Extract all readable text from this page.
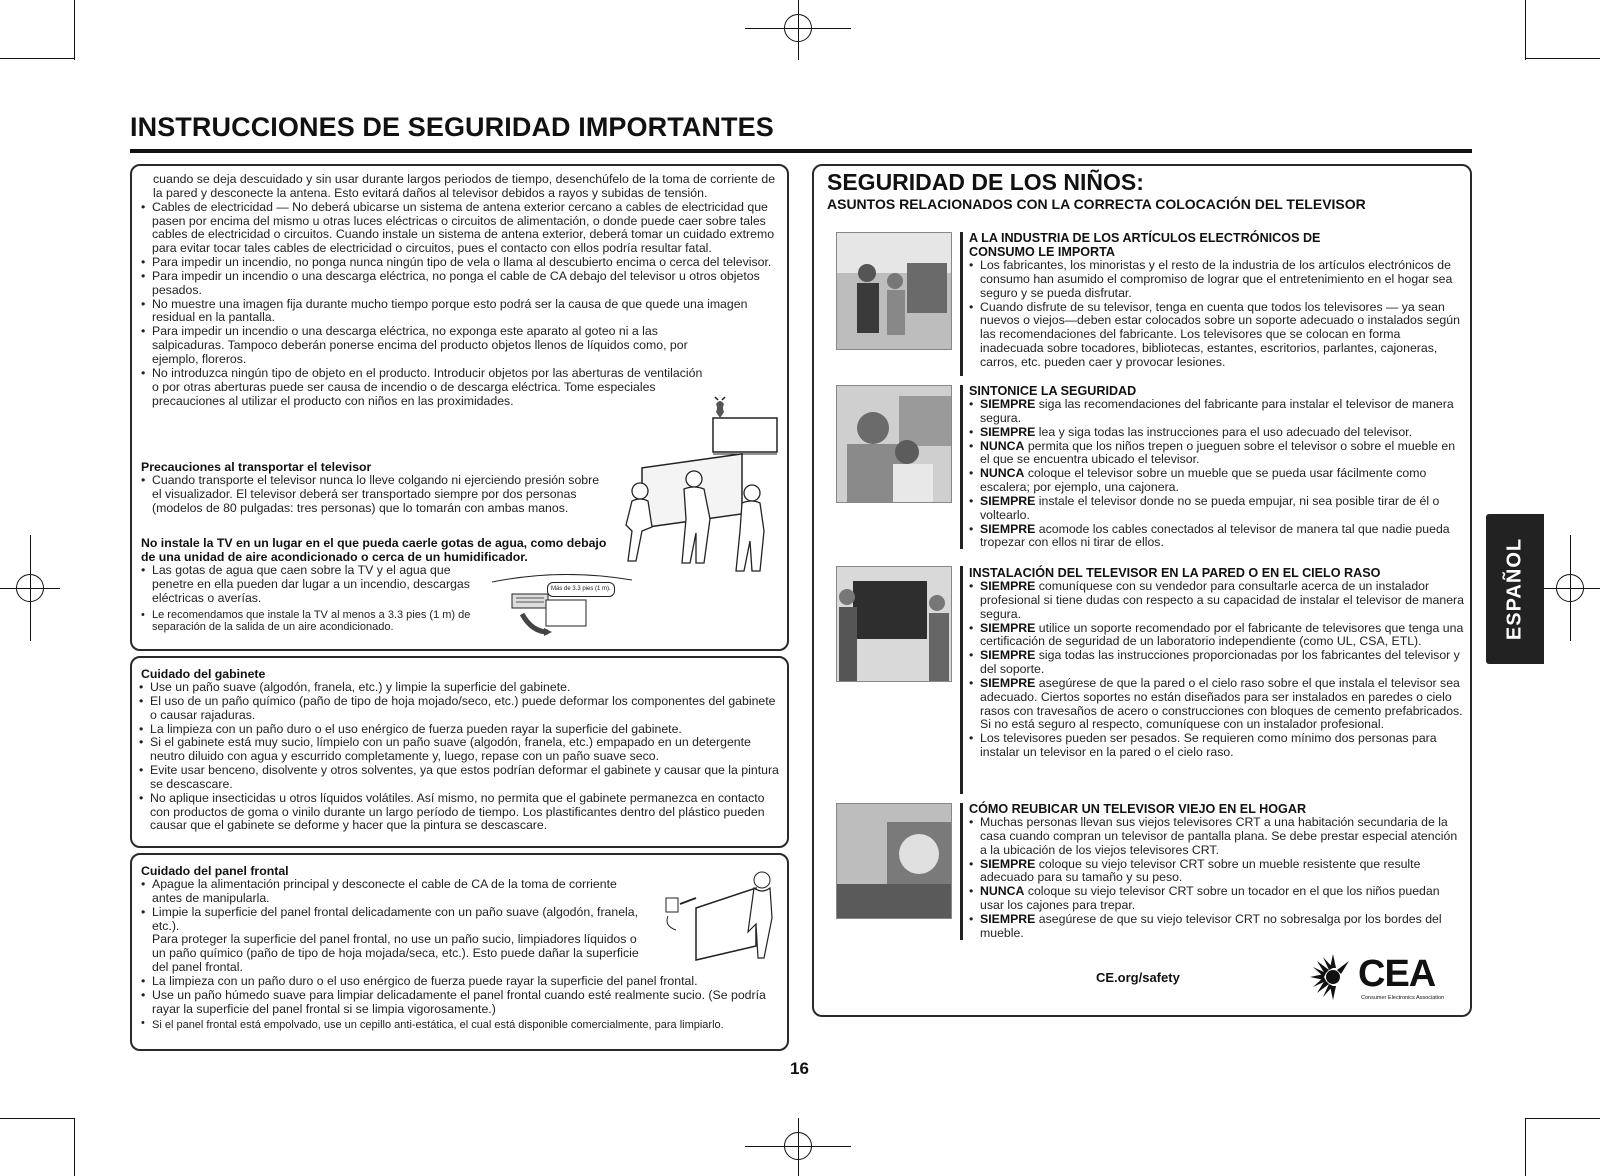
INSTRUCCIONES DE SEGURIDAD IMPORTANTES
cuando se deja descuidado y sin usar durante largos periodos de tiempo, desenchúfelo de la toma de corriente de la pared y desconecte la antena. Esto evitará daños al televisor debidos a rayos y subidas de tensión.
• Cables de electricidad — No deberá ubicarse un sistema de antena exterior cercano a cables de electricidad que pasen por encima del mismo u otras luces eléctricas o circuitos de alimentación, o donde puede caer sobre tales cables de electricidad o circuitos. Cuando instale un sistema de antena exterior, deberá tomar un cuidado extremo para evitar tocar tales cables de electricidad o circuitos, pues el contacto con ellos podría resultar fatal.
• Para impedir un incendio, no ponga nunca ningún tipo de vela o llama al descubierto encima o cerca del televisor.
• Para impedir un incendio o una descarga eléctrica, no ponga el cable de CA debajo del televisor u otros objetos pesados.
• No muestre una imagen fija durante mucho tiempo porque esto podrá ser la causa de que quede una imagen residual en la pantalla.
• Para impedir un incendio o una descarga eléctrica, no exponga este aparato al goteo ni a las salpicaduras. Tampoco deberán ponerse encima del producto objetos llenos de líquidos como, por ejemplo, floreros.
• No introduzca ningún tipo de objeto en el producto. Introducir objetos por las aberturas de ventilación o por otras aberturas puede ser causa de incendio o de descarga eléctrica. Tome especiales precauciones al utilizar el producto con niños en las proximidades.
Precauciones al transportar el televisor
• Cuando transporte el televisor nunca lo lleve colgando ni ejerciendo presión sobre el visualizador. El televisor deberá ser transportado siempre por dos personas (modelos de 80 pulgadas: tres personas) que lo tomarán con ambas manos.
No instale la TV en un lugar en el que pueda caerle gotas de agua, como debajo de una unidad de aire acondicionado o cerca de un humidificador.
• Las gotas de agua que caen sobre la TV y el agua que penetre en ella pueden dar lugar a un incendio, descargas eléctricas o averías.
• Le recomendamos que instale la TV al menos a 3.3 pies (1 m) de separación de la salida de un aire acondicionado.
Más de 3.3 pies (1 m).
Cuidado del gabinete
• Use un paño suave (algodón, franela, etc.) y limpie la superficie del gabinete.
• El uso de un paño químico (paño de tipo de hoja mojado/seco, etc.) puede deformar los componentes del gabinete o causar rajaduras.
• La limpieza con un paño duro o el uso enérgico de fuerza pueden rayar la superficie del gabinete.
• Si el gabinete está muy sucio, límpielo con un paño suave (algodón, franela, etc.) empapado en un detergente neutro diluido con agua y escurrido completamente y, luego, repase con un paño suave seco.
• Evite usar benceno, disolvente y otros solventes, ya que estos podrían deformar el gabinete y causar que la pintura se descascare.
• No aplique insecticidas u otros líquidos volátiles. Así mismo, no permita que el gabinete permanezca en contacto con productos de goma o vinilo durante un largo período de tiempo. Los plastificantes dentro del plástico pueden causar que el gabinete se deforme y hacer que la pintura se descascare.
Cuidado del panel frontal
• Apague la alimentación principal y desconecte el cable de CA de la toma de corriente antes de manipularla.
• Limpie la superficie del panel frontal delicadamente con un paño suave (algodón, franela, etc.).
Para proteger la superficie del panel frontal, no use un paño sucio, limpiadores líquidos o un paño químico (paño de tipo de hoja mojada/seca, etc.). Esto puede dañar la superficie del panel frontal.
• La limpieza con un paño duro o el uso enérgico de fuerza puede rayar la superficie del panel frontal.
• Use un paño húmedo suave para limpiar delicadamente el panel frontal cuando esté realmente sucio. (Se podría rayar la superficie del panel frontal si se limpia vigorosamente.)
• Si el panel frontal está empolvado, use un cepillo anti-estática, el cual está disponible comercialmente, para limpiarlo.
SEGURIDAD DE LOS NIÑOS:
ASUNTOS RELACIONADOS CON LA CORRECTA COLOCACIÓN DEL TELEVISOR
A LA INDUSTRIA DE LOS ARTÍCULOS ELECTRÓNICOS DE CONSUMO LE IMPORTA
• Los fabricantes, los minoristas y el resto de la industria de los artículos electrónicos de consumo han asumido el compromiso de lograr que el entretenimiento en el hogar sea seguro y se pueda disfrutar.
• Cuando disfrute de su televisor, tenga en cuenta que todos los televisores — ya sean nuevos o viejos—deben estar colocados sobre un soporte adecuado o instalados según las recomendaciones del fabricante. Los televisores que se colocan en forma inadecuada sobre tocadores, bibliotecas, estantes, escritorios, parlantes, cajoneras, carros, etc. pueden caer y provocar lesiones.
SINTONICE LA SEGURIDAD
• SIEMPRE siga las recomendaciones del fabricante para instalar el televisor de manera segura.
• SIEMPRE lea y siga todas las instrucciones para el uso adecuado del televisor.
• NUNCA permita que los niños trepen o jueguen sobre el televisor o sobre el mueble en el que se encuentra ubicado el televisor.
• NUNCA coloque el televisor sobre un mueble que se pueda usar fácilmente como escalera; por ejemplo, una cajonera.
• SIEMPRE instale el televisor donde no se pueda empujar, ni sea posible tirar de él o voltearlo.
• SIEMPRE acomode los cables conectados al televisor de manera tal que nadie pueda tropezar con ellos ni tirar de ellos.
INSTALACIÓN DEL TELEVISOR EN LA PARED O EN EL CIELO RASO
• SIEMPRE comuníquese con su vendedor para consultarle acerca de un instalador profesional si tiene dudas con respecto a su capacidad de instalar el televisor de manera segura.
• SIEMPRE utilice un soporte recomendado por el fabricante de televisores que tenga una certificación de seguridad de un laboratorio independiente (como UL, CSA, ETL).
• SIEMPRE siga todas las instrucciones proporcionadas por los fabricantes del televisor y del soporte.
• SIEMPRE asegúrese de que la pared o el cielo raso sobre el que instala el televisor sea adecuado. Ciertos soportes no están diseñados para ser instalados en paredes o cielo rasos con travesaños de acero o construcciones con bloques de cemento prefabricados. Si no está seguro al respecto, comuníquese con un instalador profesional.
• Los televisores pueden ser pesados. Se requieren como mínimo dos personas para instalar un televisor en la pared o el cielo raso.
CÓMO REUBICAR UN TELEVISOR VIEJO EN EL HOGAR
• Muchas personas llevan sus viejos televisores CRT a una habitación secundaria de la casa cuando compran un televisor de pantalla plana. Se debe prestar especial atención a la ubicación de los viejos televisores CRT.
• SIEMPRE coloque su viejo televisor CRT sobre un mueble resistente que resulte adecuado para su tamaño y su peso.
• NUNCA coloque su viejo televisor CRT sobre un tocador en el que los niños puedan usar los cajones para trepar.
• SIEMPRE asegúrese de que su viejo televisor CRT no sobresalga por los bordes del mueble.
CE.org/safety	CEA
Consumer Electronics Association
ESPAÑOL
16
